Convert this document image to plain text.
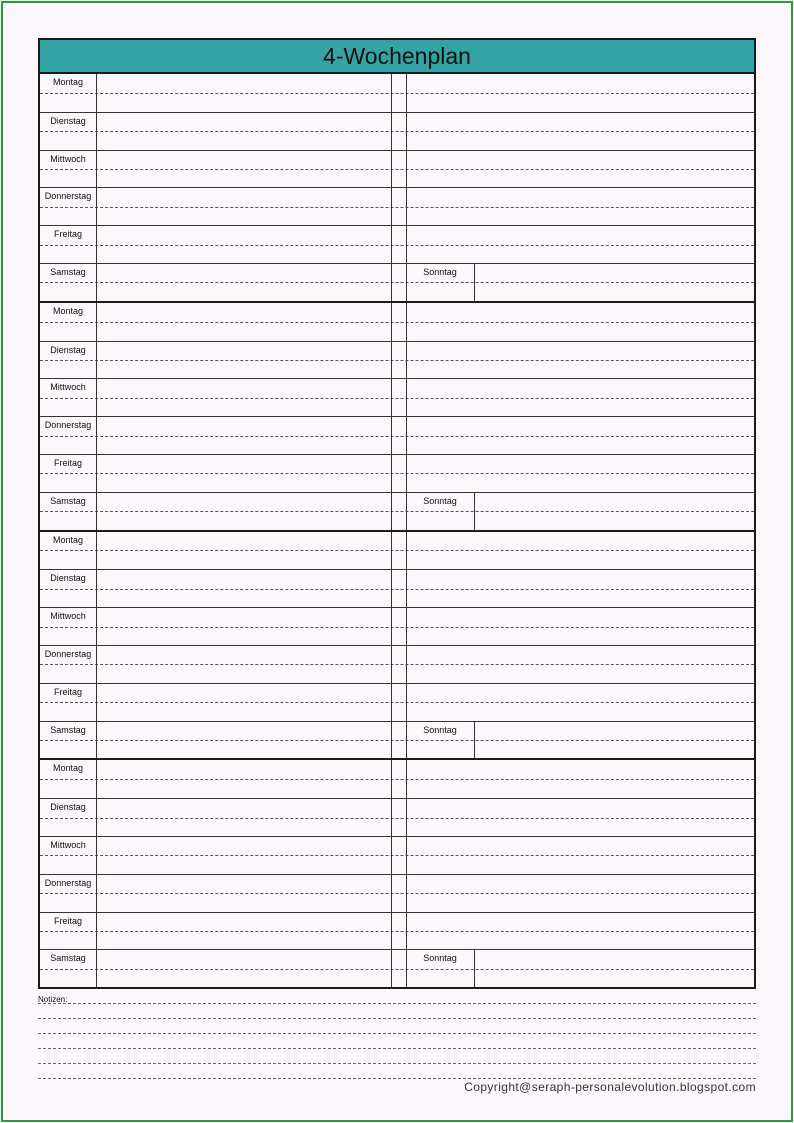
4-Wochenplan
Montag
Dienstag
Mittwoch
Donnerstag
Freitag
Samstag	Sonntag
Montag
Dienstag
Mittwoch
Donnerstag
Freitag
Samstag	Sonntag
Montag
Dienstag
Mittwoch
Donnerstag
Freitag
Samstag	Sonntag
Montag
Dienstag
Mittwoch
Donnerstag
Freitag
Samstag	Sonntag
Notizen:
Copyright@seraph-personalevolution.blogspot.com
